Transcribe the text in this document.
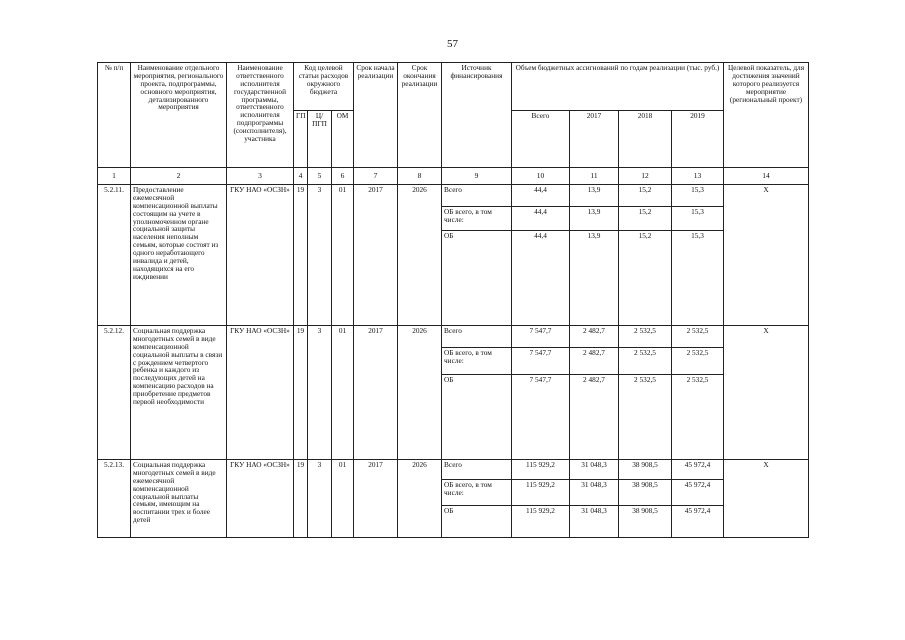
57
№ п/п	Наименование отдельного мероприятия, регионального проекта, подпрограммы, основного мероприятия, детализированного мероприятия	Наименование ответственного исполнителя государственной программы, ответственного исполнителя подпрограммы (соисполнителя), участника	Код целевой статьи расходов окружного бюджета			Срок начала реализации	Срок окончания реализации	Источник финансирования	Объем бюджетных ассигнований по годам реализации (тыс. руб.)				Целевой показатель, для достижения значений которого реализуется мероприятие (региональный проект)
			ГП	Ц/ПГП	ОМ				Всего	2017	2018	2019	
1	2	3	4	5	6	7	8	9	10	11	12	13	14
5.2.11.	Предоставление ежемесячной компенсационной выплаты состоящим на учете в уполномоченном органе социальной защиты населения неполным семьям, которые состоят из одного неработающего инвалида и детей, находящихся на его иждивении	ГКУ НАО «ОСЗН»	19	3	01	2017	2026	Всего	44,4	13,9	15,2	15,3	Х
								ОБ всего, в том числе:	44,4	13,9	15,2	15,3	
								ОБ	44,4	13,9	15,2	15,3	
5.2.12.	Социальная поддержка многодетных семей в виде компенсационной социальной выплаты в связи с рождением четвертого ребенка и каждого из последующих детей на компенсацию расходов на приобретение предметов первой необходимости	ГКУ НАО «ОСЗН»	19	3	01	2017	2026	Всего	7 547,7	2 482,7	2 532,5	2 532,5	Х
								ОБ всего, в том числе:	7 547,7	2 482,7	2 532,5	2 532,5	
								ОБ	7 547,7	2 482,7	2 532,5	2 532,5	
5.2.13.	Социальная поддержка многодетных семей в виде ежемесячной компенсационной социальной выплаты семьям, имеющим на воспитании трех и более детей	ГКУ НАО «ОСЗН»	19	3	01	2017	2026	Всего	115 929,2	31 048,3	38 908,5	45 972,4	Х
								ОБ всего, в том числе:	115 929,2	31 048,3	38 908,5	45 972,4	
								ОБ	115 929,2	31 048,3	38 908,5	45 972,4	
